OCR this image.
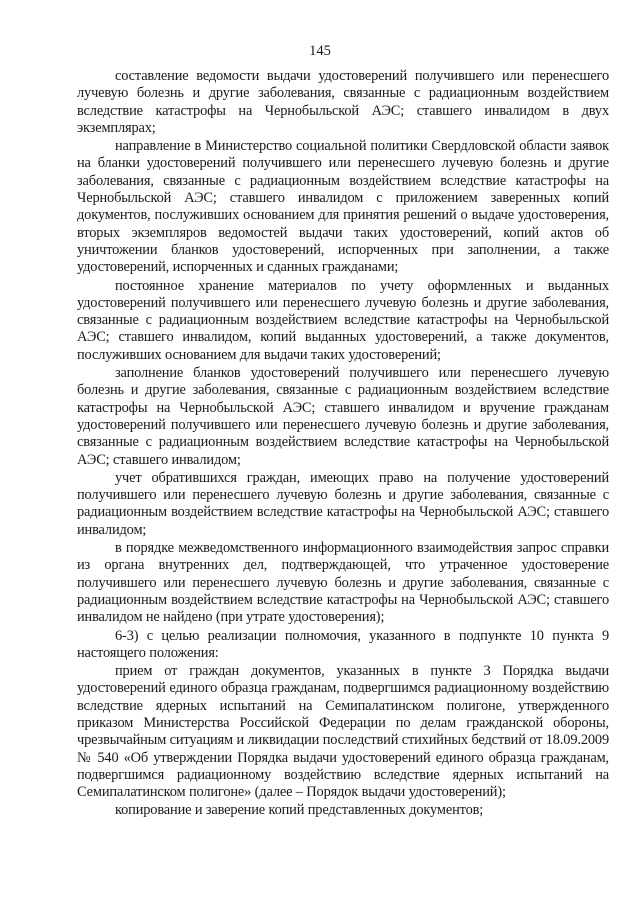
145

составление ведомости выдачи удостоверений получившего или перенесшего лучевую болезнь и другие заболевания, связанные с радиационным воздействием вследствие катастрофы на Чернобыльской АЭС; ставшего инвалидом в двух экземплярах;

направление в Министерство социальной политики Свердловской области заявок на бланки удостоверений получившего или перенесшего лучевую болезнь и другие заболевания, связанные с радиационным воздействием вследствие катастрофы на Чернобыльской АЭС; ставшего инвалидом с приложением заверенных копий документов, послуживших основанием для принятия решений о выдаче удостоверения, вторых экземпляров ведомостей выдачи таких удостоверений, копий актов об уничтожении бланков удостоверений, испорченных при заполнении, а также удостоверений, испорченных и сданных гражданами;

постоянное хранение материалов по учету оформленных и выданных удостоверений получившего или перенесшего лучевую болезнь и другие заболевания, связанные с радиационным воздействием вследствие катастрофы на Чернобыльской АЭС; ставшего инвалидом, копий выданных удостоверений, а также документов, послуживших основанием для выдачи таких удостоверений;

заполнение бланков удостоверений получившего или перенесшего лучевую болезнь и другие заболевания, связанные с радиационным воздействием вследствие катастрофы на Чернобыльской АЭС; ставшего инвалидом и вручение гражданам удостоверений получившего или перенесшего лучевую болезнь и другие заболевания, связанные с радиационным воздействием вследствие катастрофы на Чернобыльской АЭС; ставшего инвалидом;

учет обратившихся граждан, имеющих право на получение удостоверений получившего или перенесшего лучевую болезнь и другие заболевания, связанные с радиационным воздействием вследствие катастрофы на Чернобыльской АЭС; ставшего инвалидом;

в порядке межведомственного информационного взаимодействия запрос справки из органа внутренних дел, подтверждающей, что утраченное удостоверение получившего или перенесшего лучевую болезнь и другие заболевания, связанные с радиационным воздействием вследствие катастрофы на Чернобыльской АЭС; ставшего инвалидом не найдено (при утрате удостоверения);

6-3) с целью реализации полномочия, указанного в подпункте 10 пункта 9 настоящего положения:

прием от граждан документов, указанных в пункте 3 Порядка выдачи удостоверений единого образца гражданам, подвергшимся радиационному воздействию вследствие ядерных испытаний на Семипалатинском полигоне, утвержденного приказом Министерства Российской Федерации по делам гражданской обороны, чрезвычайным ситуациям и ликвидации последствий стихийных бедствий от 18.09.2009 № 540 «Об утверждении Порядка выдачи удостоверений единого образца гражданам, подвергшимся радиационному воздействию вследствие ядерных испытаний на Семипалатинском полигоне» (далее – Порядок выдачи удостоверений);

копирование и заверение копий представленных документов;
